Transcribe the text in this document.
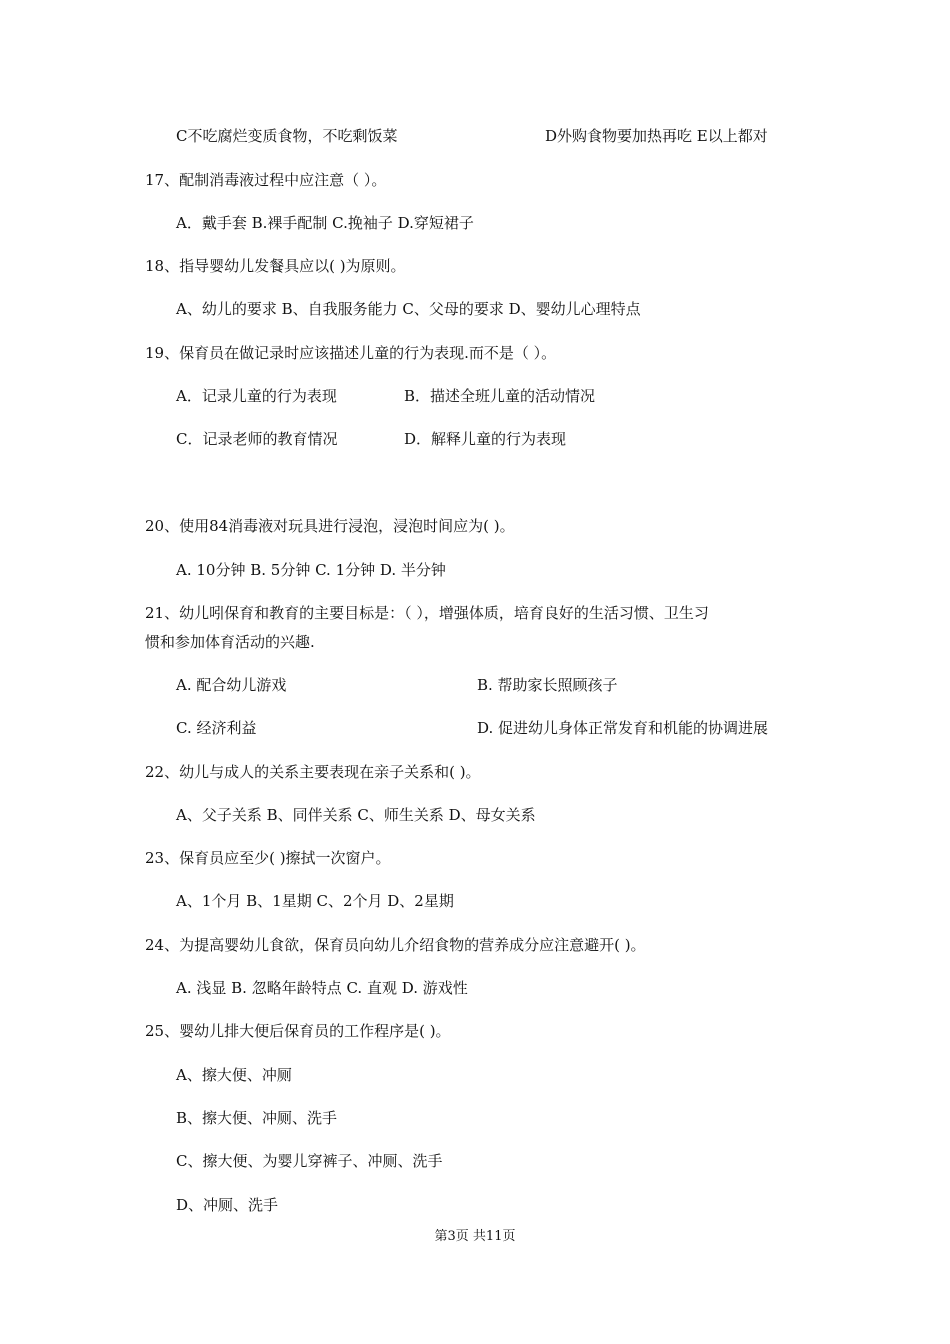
C不吃腐烂变质食物，不吃剩饭菜	D外购食物要加热再吃 E以上都对
17、配制消毒液过程中应注意（ ）。
A．戴手套 B.裸手配制 C.挽袖子 D.穿短裙子
18、指导婴幼儿发餐具应以( )为原则。
A、幼儿的要求 B、自我服务能力 C、父母的要求 D、婴幼儿心理特点
19、保育员在做记录时应该描述儿童的行为表现.而不是（ ）。
A．记录儿童的行为表现	B．描述全班儿童的活动情况
C．记录老师的教育情况	D．解释儿童的行为表现
20、使用84消毒液对玩具进行浸泡，浸泡时间应为( )。
A. 10分钟 B. 5分钟 C. 1分钟 D. 半分钟
21、幼儿吲保育和教育的主要目标是：（ ），增强体质，培育良好的生活习惯、卫生习
惯和参加体育活动的兴趣.
A. 配合幼儿游戏	B. 帮助家长照顾孩子
C. 经济利益	D. 促进幼儿身体正常发育和机能的协调进展
22、幼儿与成人的关系主要表现在亲子关系和( )。
A、父子关系 B、同伴关系 C、师生关系 D、母女关系
23、保育员应至少( )擦拭一次窗户。
A、1个月 B、1星期 C、2个月 D、2星期
24、为提高婴幼儿食欲，保育员向幼儿介绍食物的营养成分应注意避开( )。
A. 浅显 B. 忽略年龄特点 C. 直观 D. 游戏性
25、婴幼儿排大便后保育员的工作程序是( )。
A、擦大便、冲厕
B、擦大便、冲厕、洗手
C、擦大便、为婴儿穿裤子、冲厕、洗手
D、冲厕、洗手
第3页 共11页
